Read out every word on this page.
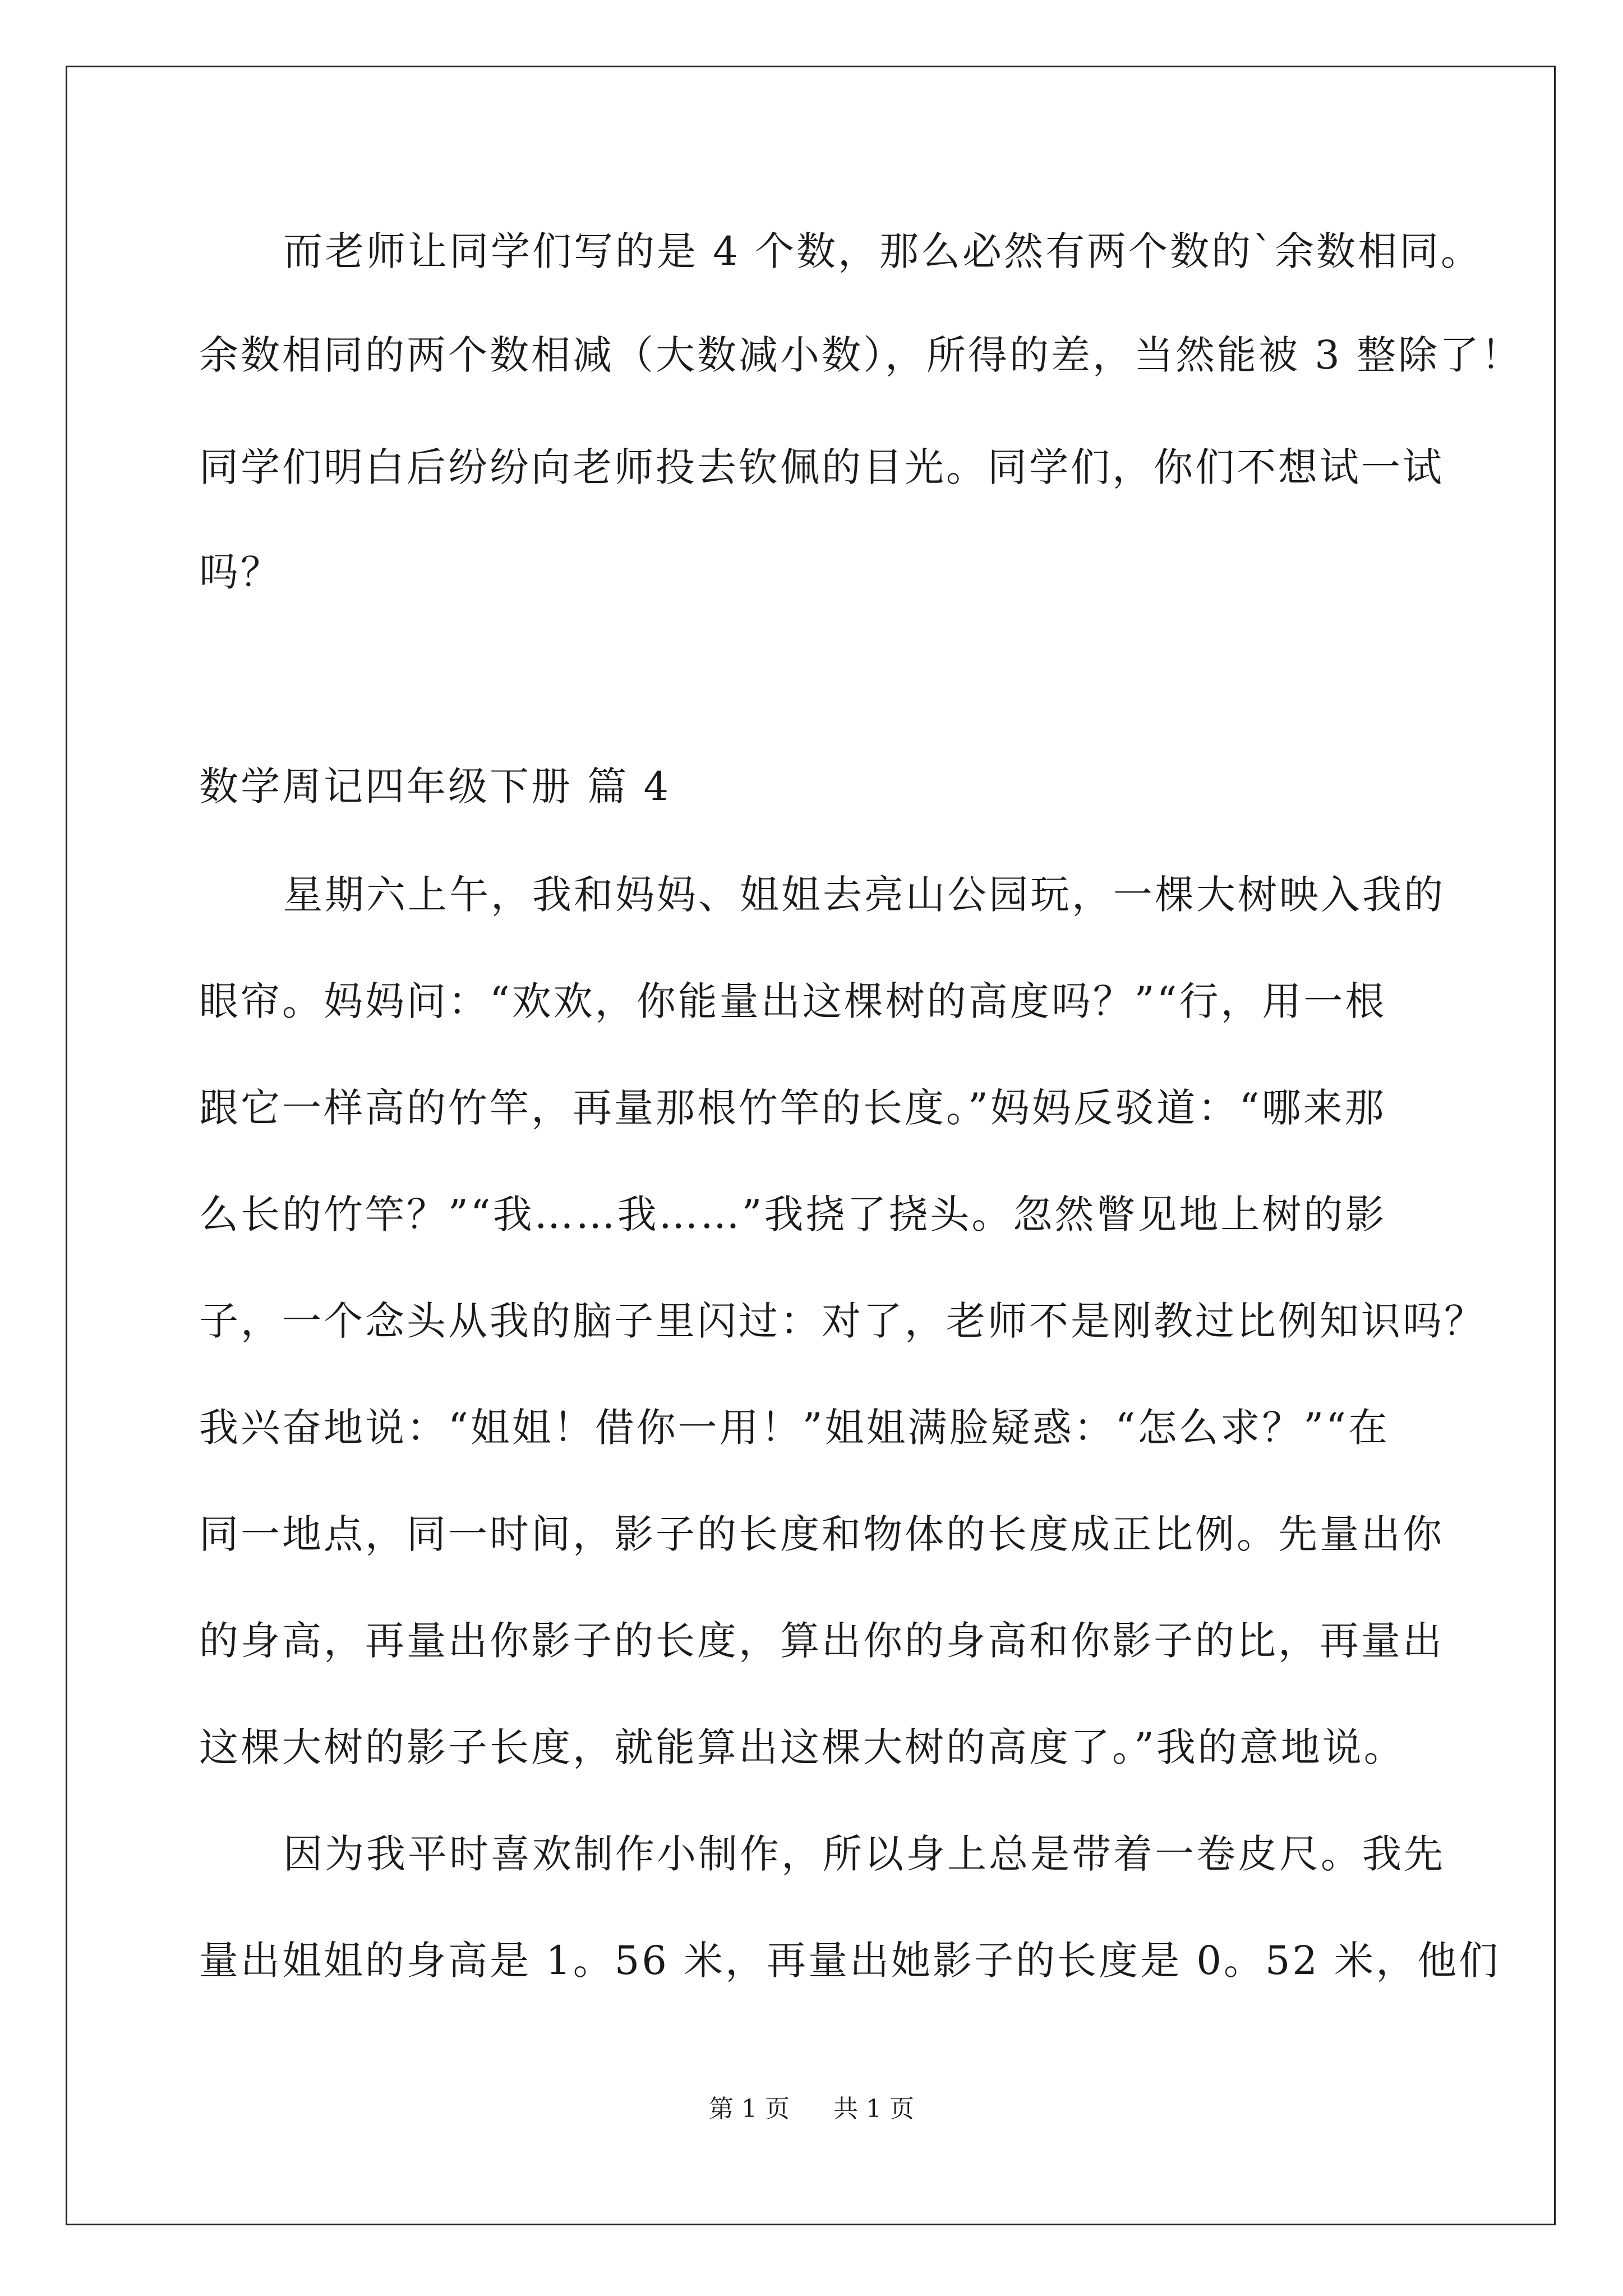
而老师让同学们写的是 4 个数，那么必然有两个数的`余数相同。
余数相同的两个数相减（大数减小数），所得的差，当然能被 3 整除了！
同学们明白后纷纷向老师投去钦佩的目光。同学们，你们不想试一试
吗？
数学周记四年级下册 篇 4
星期六上午，我和妈妈、姐姐去亮山公园玩，一棵大树映入我的
眼帘。妈妈问：“欢欢，你能量出这棵树的高度吗？”“行，用一根
跟它一样高的竹竿，再量那根竹竿的长度。”妈妈反驳道：“哪来那
么长的竹竿？”“我……我……”我挠了挠头。忽然瞥见地上树的影
子，一个念头从我的脑子里闪过：对了，老师不是刚教过比例知识吗？
我兴奋地说：“姐姐！借你一用！”姐姐满脸疑惑：“怎么求？”“在
同一地点，同一时间，影子的长度和物体的长度成正比例。先量出你
的身高，再量出你影子的长度，算出你的身高和你影子的比，再量出
这棵大树的影子长度，就能算出这棵大树的高度了。”我的意地说。
因为我平时喜欢制作小制作，所以身上总是带着一卷皮尺。我先
量出姐姐的身高是 1。56 米，再量出她影子的长度是 0。52 米，他们
第 1 页 共 1 页
